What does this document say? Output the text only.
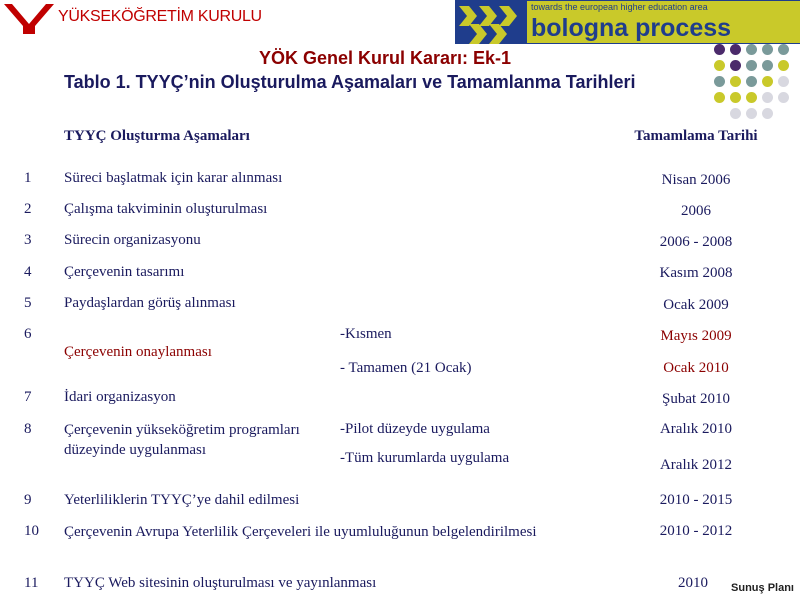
YÜKSEKÖĞRETİM KURULU
towards the european higher education area
bologna process
YÖK Genel Kurul Kararı: Ek-1
Tablo 1. TYYÇ’nin Oluşturulma Aşamaları ve Tamamlanma Tarihleri
TYYÇ Oluşturma Aşamaları	Tamamlama Tarihi
1 Süreci başlatmak için karar alınması	Nisan 2006
2 Çalışma takviminin oluşturulması	2006
3 Sürecin organizasyonu	2006 - 2008
4 Çerçevenin tasarımı	Kasım 2008
5 Paydaşlardan görüş alınması	Ocak 2009
6
Çerçevenin onaylanması
-Kısmen	Mayıs 2009
- Tamamen (21 Ocak)	Ocak 2010
7 İdari organizasyon	Şubat 2010
8 Çerçevenin yükseköğretim programları düzeyinde uygulanması
-Pilot düzeyde uygulama	Aralık 2010
-Tüm kurumlarda uygulama	Aralık 2012
9 Yeterliliklerin TYYÇ’ye dahil edilmesi	2010 - 2015
10 Çerçevenin Avrupa Yeterlilik Çerçeveleri ile uyumluluğunun belgelendirilmesi	2010 - 2012
11 TYYÇ Web sitesinin oluşturulması ve yayınlanması	2010 Sunuş Planı
